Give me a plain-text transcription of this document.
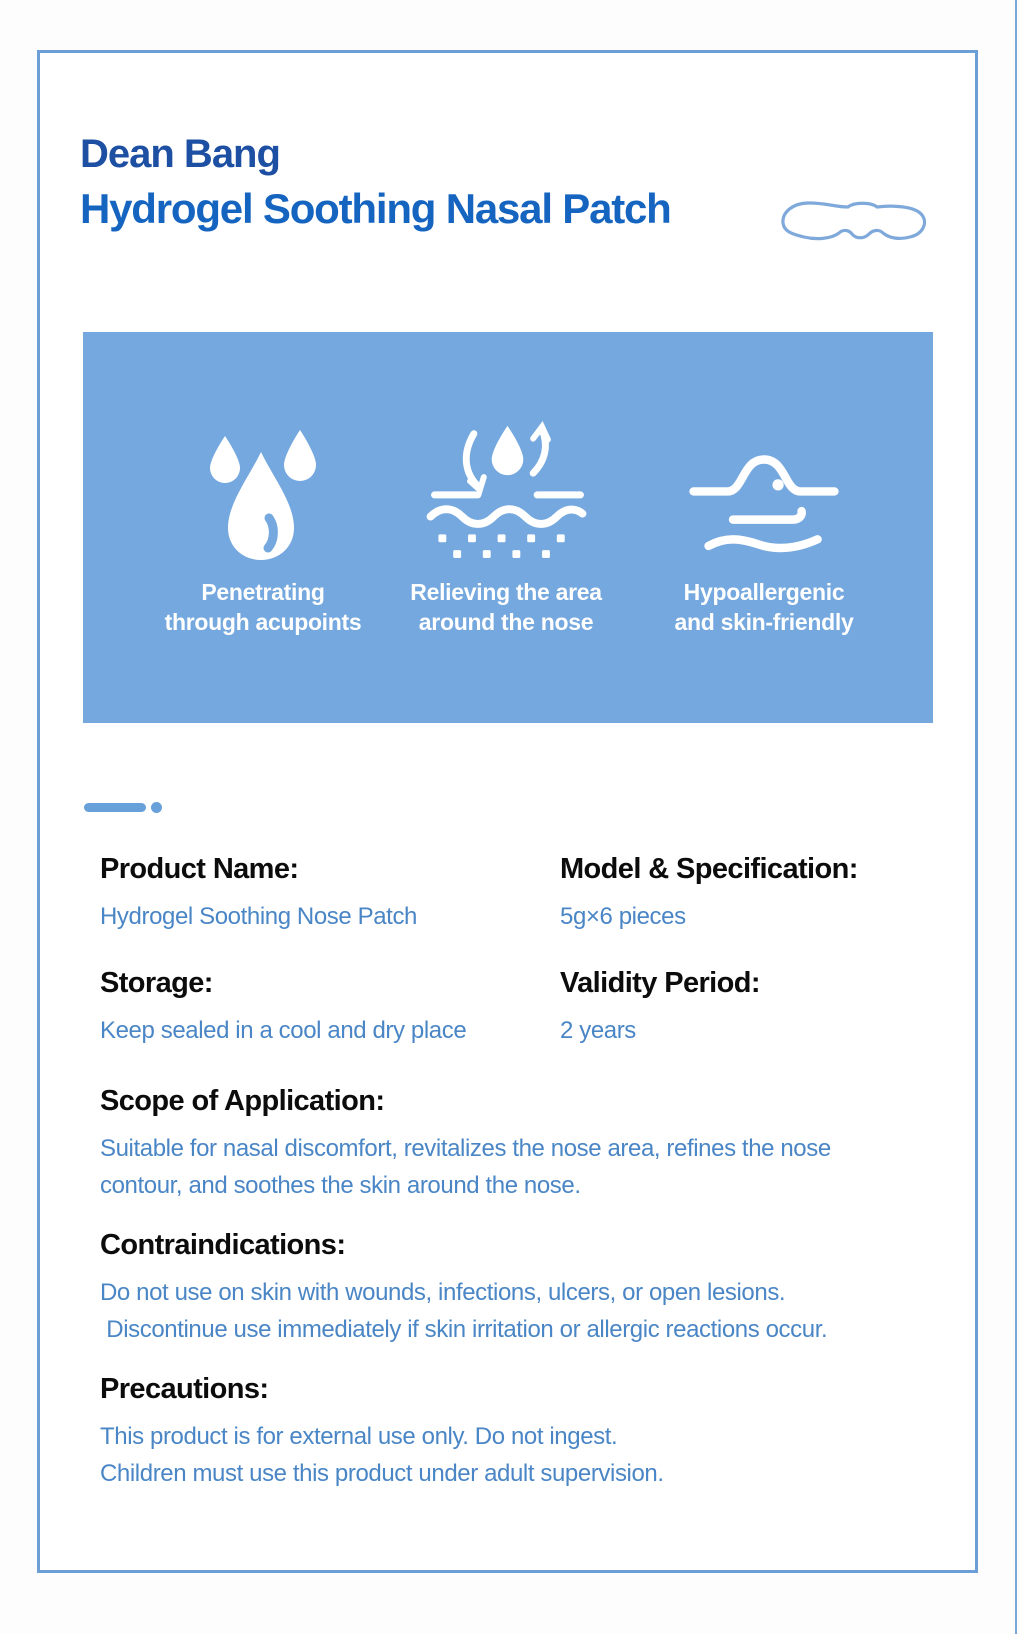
Dean Bang
Hydrogel Soothing Nasal Patch
Penetrating
through acupoints
Relieving the area
around the nose
Hypoallergenic
and skin-friendly
Product Name:
Hydrogel Soothing Nose Patch
Model & Specification:
5g×6 pieces
Storage:
Keep sealed in a cool and dry place
Validity Period:
2 years
Scope of Application:
Suitable for nasal discomfort, revitalizes the nose area, refines the nose
contour, and soothes the skin around the nose.
Contraindications:
Do not use on skin with wounds, infections, ulcers, or open lesions.
Discontinue use immediately if skin irritation or allergic reactions occur.
Precautions:
This product is for external use only. Do not ingest.
Children must use this product under adult supervision.
